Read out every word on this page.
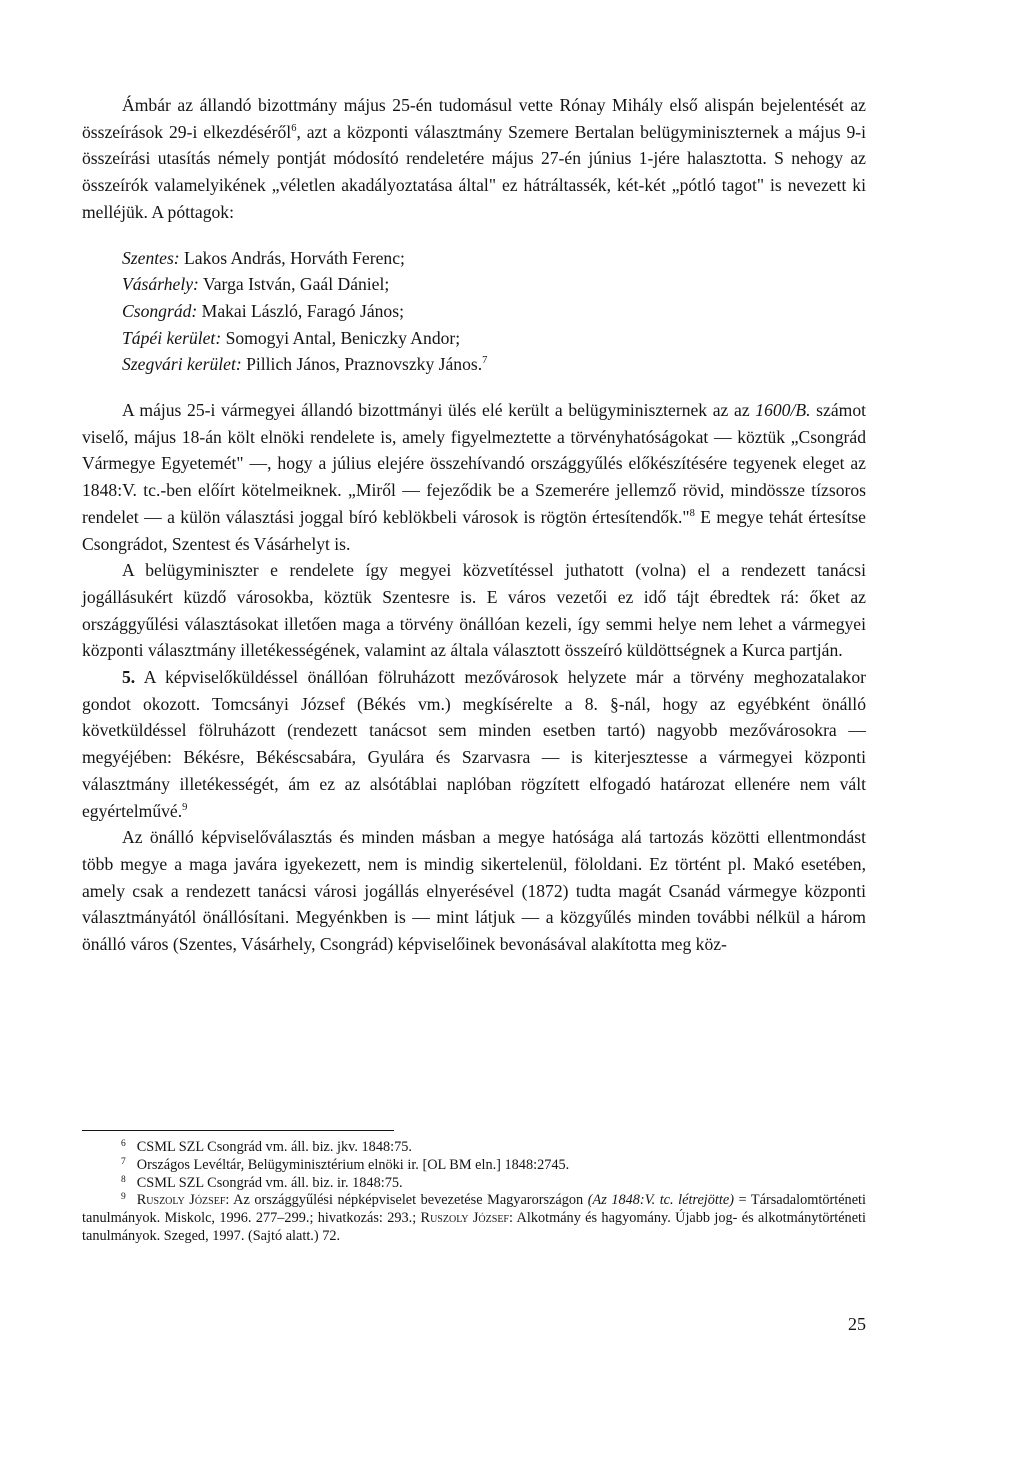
Ámbár az állandó bizottmány május 25-én tudomásul vette Rónay Mihály első alispán bejelentését az összeírások 29-i elkezdéséről$^6$, azt a központi választmány Szemere Bertalan belügyminiszternek a május 9-i összeírási utasítás némely pontját módosító rendeletére május 27-én június 1-jére halasztotta. S nehogy az összeírók valamelyikének „véletlen akadályoztatása által" ez hátráltassék, két-két „pótló tagot" is nevezett ki melléjük. A póttagok:

Szentes: Lakos András, Horváth Ferenc;
Vásárhely: Varga István, Gaál Dániel;
Csongrád: Makai László, Faragó János;
Tápéi kerület: Somogyi Antal, Beniczky Andor;
Szegvári kerület: Pillich János, Praznovszky János.$^7$

A május 25-i vármegyei állandó bizottmányi ülés elé került a belügyminiszternek az az 1600/B. számot viselő, május 18-án költ elnöki rendelete is, amely figyelmeztette a törvényhatóságokat — köztük „Csongrád Vármegye Egyetemét" —, hogy a július elejére összehívandó országgyűlés előkészítésére tegyenek eleget az 1848:V. tc.-ben előírt kötelmeiknek. „Miről — fejeződik be a Szemerére jellemző rövid, mindössze tízsoros rendelet — a külön választási joggal bíró keblökbeli városok is rögtön értesítendők."$^8$ E megye tehát értesítse Csongrádot, Szentest és Vásárhelyt is.

A belügyminiszter e rendelete így megyei közvetítéssel juthatott (volna) el a rendezett tanácsi jogállásukért küzdő városokba, köztük Szentesre is. E város vezetői ez idő tájt ébredtek rá: őket az országgyűlési választásokat illetően maga a törvény önállóan kezeli, így semmi helye nem lehet a vármegyei központi választmány illetékességének, valamint az általa választott összeíró küldöttségnek a Kurca partján.

5. A képviselőküldéssel önállóan fölruházott mezővárosok helyzete már a törvény meghozatalakor gondot okozott. Tomcsányi József (Békés vm.) megkísérelte a 8. §-nál, hogy az egyébként önálló követküldéssel fölruházott (rendezett tanácsot sem minden esetben tartó) nagyobb mezővárosokra — megyéjében: Békésre, Békéscsabára, Gyulára és Szarvasra — is kiterjesztesse a vármegyei központi választmány illetékességét, ám ez az alsótáblai naplóban rögzített elfogadó határozat ellenére nem vált egyértelművé.$^9$

Az önálló képviselőválasztás és minden másban a megye hatósága alá tartozás közötti ellentmondást több megye a maga javára igyekezett, nem is mindig sikertelenül, föloldani. Ez történt pl. Makó esetében, amely csak a rendezett tanácsi városi jogállás elnyerésével (1872) tudta magát Csanád vármegye központi választmányától önállósítani. Megyénkben is — mint látjuk — a közgyűlés minden további nélkül a három önálló város (Szentes, Vásárhely, Csongrád) képviselőinek bevonásával alakította meg köz-

$^6$ CSML SZL Csongrád vm. áll. biz. jkv. 1848:75.

$^7$ Országos Levéltár, Belügyminisztérium elnöki ir. [OL BM eln.] 1848:2745.

$^8$ CSML SZL Csongrád vm. áll. biz. ir. 1848:75.

$^9$ Ruszoly József: Az országgyűlési népképviselet bevezetése Magyarországon (Az 1848:V. tc. létrejötte) = Társadalomtörténeti tanulmányok. Miskolc, 1996. 277–299.; hivatkozás: 293.; Ruszoly József: Alkotmány és hagyomány. Újabb jog- és alkotmánytörténeti tanulmányok. Szeged, 1997. (Sajtó alatt.) 72.

25
